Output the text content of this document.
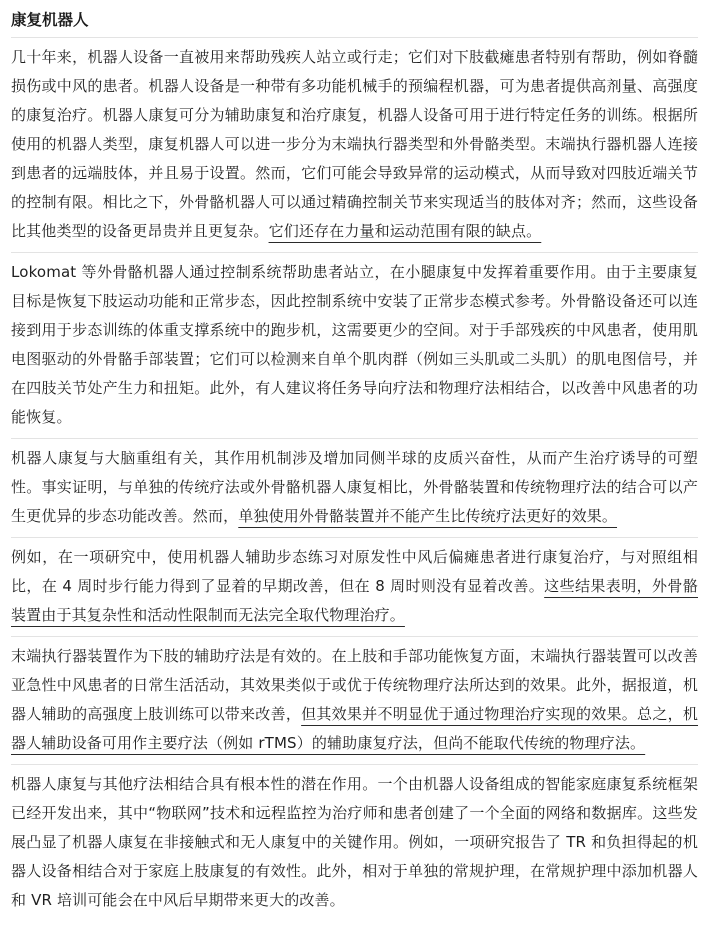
康复机器人

几十年来，机器人设备一直被用来帮助残疾人站立或行走；它们对下肢截瘫患者特别有帮助，例如脊髓损伤或中风的患者。机器人设备是一种带有多功能机械手的预编程机器，可为患者提供高剂量、高强度的康复治疗。机器人康复可分为辅助康复和治疗康复，机器人设备可用于进行特定任务的训练。根据所使用的机器人类型，康复机器人可以进一步分为末端执行器类型和外骨骼类型。末端执行器机器人连接到患者的远端肢体，并且易于设置。然而，它们可能会导致异常的运动模式，从而导致对四肢近端关节的控制有限。相比之下，外骨骼机器人可以通过精确控制关节来实现适当的肢体对齐；然而，这些设备比其他类型的设备更昂贵并且更复杂。它们还存在力量和运动范围有限的缺点。

Lokomat 等外骨骼机器人通过控制系统帮助患者站立，在小腿康复中发挥着重要作用。由于主要康复目标是恢复下肢运动功能和正常步态，因此控制系统中安装了正常步态模式参考。外骨骼设备还可以连接到用于步态训练的体重支撑系统中的跑步机，这需要更少的空间。对于手部残疾的中风患者，使用肌电图驱动的外骨骼手部装置；它们可以检测来自单个肌肉群（例如三头肌或二头肌）的肌电图信号，并在四肢关节处产生力和扭矩。此外，有人建议将任务导向疗法和物理疗法相结合，以改善中风患者的功能恢复。

机器人康复与大脑重组有关，其作用机制涉及增加同侧半球的皮质兴奋性，从而产生治疗诱导的可塑性。事实证明，与单独的传统疗法或外骨骼机器人康复相比，外骨骼装置和传统物理疗法的结合可以产生更优异的步态功能改善。然而，单独使用外骨骼装置并不能产生比传统疗法更好的效果。

例如，在一项研究中，使用机器人辅助步态练习对原发性中风后偏瘫患者进行康复治疗，与对照组相比，在 4 周时步行能力得到了显着的早期改善，但在 8 周时则没有显着改善。这些结果表明，外骨骼装置由于其复杂性和活动性限制而无法完全取代物理治疗。

末端执行器装置作为下肢的辅助疗法是有效的。在上肢和手部功能恢复方面，末端执行器装置可以改善亚急性中风患者的日常生活活动，其效果类似于或优于传统物理疗法所达到的效果。此外，据报道，机器人辅助的高强度上肢训练可以带来改善，但其效果并不明显优于通过物理治疗实现的效果。总之，机器人辅助设备可用作主要疗法（例如 rTMS）的辅助康复疗法，但尚不能取代传统的物理疗法。

机器人康复与其他疗法相结合具有根本性的潜在作用。一个由机器人设备组成的智能家庭康复系统框架已经开发出来，其中“物联网”技术和远程监控为治疗师和患者创建了一个全面的网络和数据库。这些发展凸显了机器人康复在非接触式和无人康复中的关键作用。例如，一项研究报告了 TR 和负担得起的机器人设备相结合对于家庭上肢康复的有效性。此外，相对于单独的常规护理，在常规护理中添加机器人和 VR 培训可能会在中风后早期带来更大的改善。
